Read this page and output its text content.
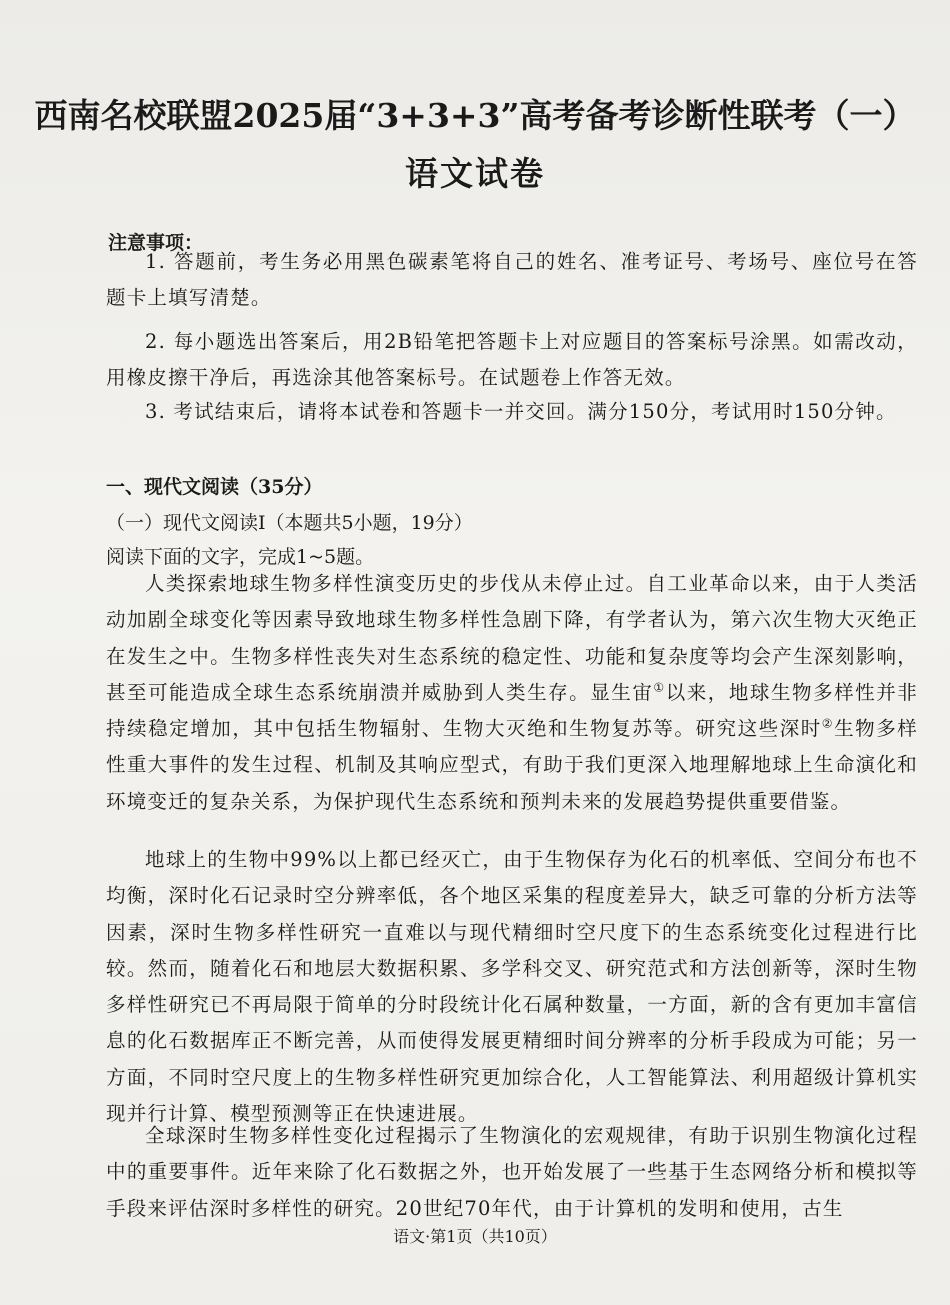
西南名校联盟2025届“3+3+3”高考备考诊断性联考（一）
语文试卷
注意事项：
1. 答题前，考生务必用黑色碳素笔将自己的姓名、准考证号、考场号、座位号在答题卡上填写清楚。
2. 每小题选出答案后，用2B铅笔把答题卡上对应题目的答案标号涂黑。如需改动，用橡皮擦干净后，再选涂其他答案标号。在试题卷上作答无效。
3. 考试结束后，请将本试卷和答题卡一并交回。满分150分，考试用时150分钟。
一、现代文阅读（35分）
（一）现代文阅读Ⅰ（本题共5小题，19分）
阅读下面的文字，完成1~5题。
人类探索地球生物多样性演变历史的步伐从未停止过。自工业革命以来，由于人类活动加剧全球变化等因素导致地球生物多样性急剧下降，有学者认为，第六次生物大灭绝正在发生之中。生物多样性丧失对生态系统的稳定性、功能和复杂度等均会产生深刻影响，甚至可能造成全球生态系统崩溃并威胁到人类生存。显生宙①以来，地球生物多样性并非持续稳定增加，其中包括生物辐射、生物大灭绝和生物复苏等。研究这些深时②生物多样性重大事件的发生过程、机制及其响应型式，有助于我们更深入地理解地球上生命演化和环境变迁的复杂关系，为保护现代生态系统和预判未来的发展趋势提供重要借鉴。
地球上的生物中99%以上都已经灭亡，由于生物保存为化石的机率低、空间分布也不均衡，深时化石记录时空分辨率低，各个地区采集的程度差异大，缺乏可靠的分析方法等因素，深时生物多样性研究一直难以与现代精细时空尺度下的生态系统变化过程进行比较。然而，随着化石和地层大数据积累、多学科交叉、研究范式和方法创新等，深时生物多样性研究已不再局限于简单的分时段统计化石属种数量，一方面，新的含有更加丰富信息的化石数据库正不断完善，从而使得发展更精细时间分辨率的分析手段成为可能；另一方面，不同时空尺度上的生物多样性研究更加综合化，人工智能算法、利用超级计算机实现并行计算、模型预测等正在快速进展。
全球深时生物多样性变化过程揭示了生物演化的宏观规律，有助于识别生物演化过程中的重要事件。近年来除了化石数据之外，也开始发展了一些基于生态网络分析和模拟等手段来评估深时多样性的研究。20世纪70年代，由于计算机的发明和使用，古生
语文·第1页（共10页）
